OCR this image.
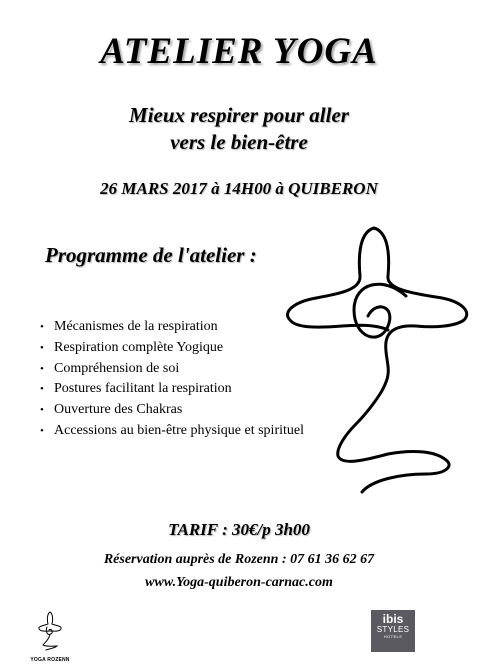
ATELIER YOGA
Mieux respirer pour aller
vers le bien-être
26 MARS 2017 à 14H00 à QUIBERON
Programme de l'atelier :
• Mécanismes de la respiration
• Respiration complète Yogique
• Compréhension de soi
• Postures facilitant la respiration
• Ouverture des Chakras
• Accessions au bien-être physique et spirituel
TARIF : 30€/p 3h00
Réservation auprès de Rozenn : 07 61 36 62 67
www.Yoga-quiberon-carnac.com
YOGA ROZENN
ibis
STYLES
HOTELS
